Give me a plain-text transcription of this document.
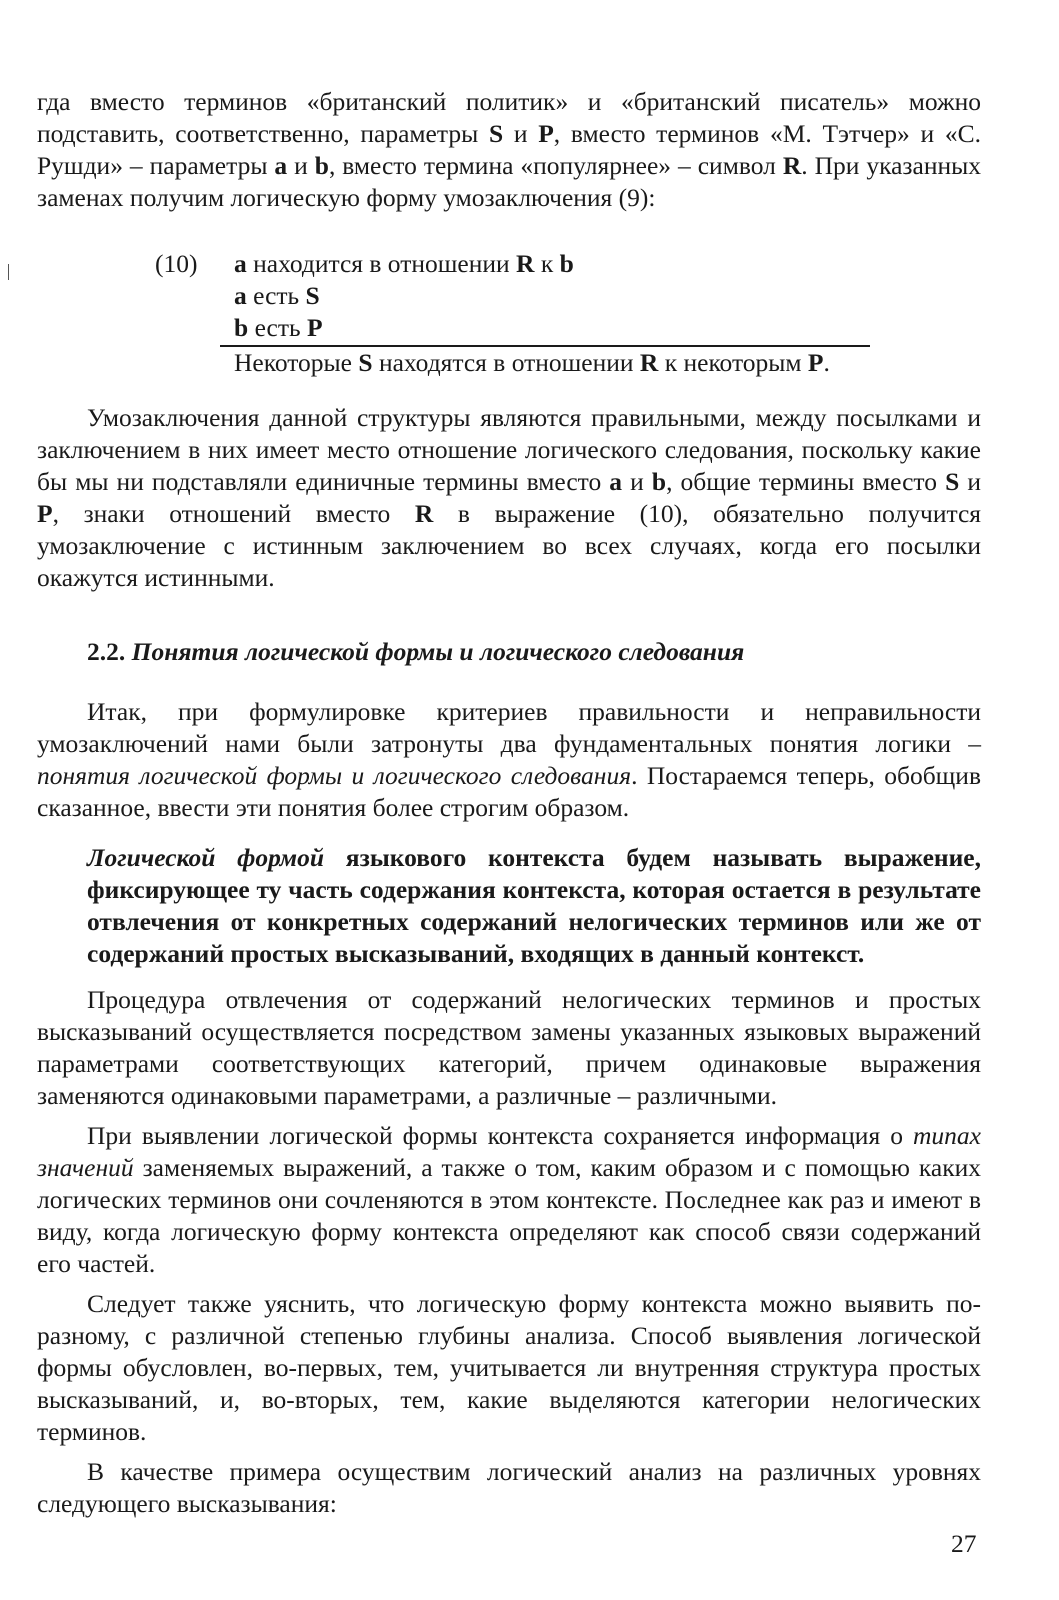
гда вместо терминов «британский политик» и «британский писатель» можно подставить, соответственно, параметры S и P, вместо терминов «М. Тэтчер» и «С. Рушди» – параметры a и b, вместо термина «популярнее» – символ R. При указанных заменах получим логическую форму умозаключения (9):

(10) a находится в отношении R к b
a есть S
b есть P
Некоторые S находятся в отношении R к некоторым P.

Умозаключения данной структуры являются правильными, между посылками и заключением в них имеет место отношение логического следования, поскольку какие бы мы ни подставляли единичные термины вместо a и b, общие термины вместо S и P, знаки отношений вместо R в выражение (10), обязательно получится умозаключение с истинным заключением во всех случаях, когда его посылки окажутся истинными.

2.2. Понятия логической формы и логического следования

Итак, при формулировке критериев правильности и неправильности умозаключений нами были затронуты два фундаментальных понятия логики – понятия логической формы и логического следования. Постараемся теперь, обобщив сказанное, ввести эти понятия более строгим образом.

Логической формой языкового контекста будем называть выражение, фиксирующее ту часть содержания контекста, которая остается в результате отвлечения от конкретных содержаний нелогических терминов или же от содержаний простых высказываний, входящих в данный контекст.

Процедура отвлечения от содержаний нелогических терминов и простых высказываний осуществляется посредством замены указанных языковых выражений параметрами соответствующих категорий, причем одинаковые выражения заменяются одинаковыми параметрами, а различные – различными.

При выявлении логической формы контекста сохраняется информация о типах значений заменяемых выражений, а также о том, каким образом и с помощью каких логических терминов они сочленяются в этом контексте. Последнее как раз и имеют в виду, когда логическую форму контекста определяют как способ связи содержаний его частей.

Следует также уяснить, что логическую форму контекста можно выявить по-разному, с различной степенью глубины анализа. Способ выявления логической формы обусловлен, во-первых, тем, учитывается ли внутренняя структура простых высказываний, и, во-вторых, тем, какие выделяются категории нелогических терминов.

В качестве примера осуществим логический анализ на различных уровнях следующего высказывания:

27
